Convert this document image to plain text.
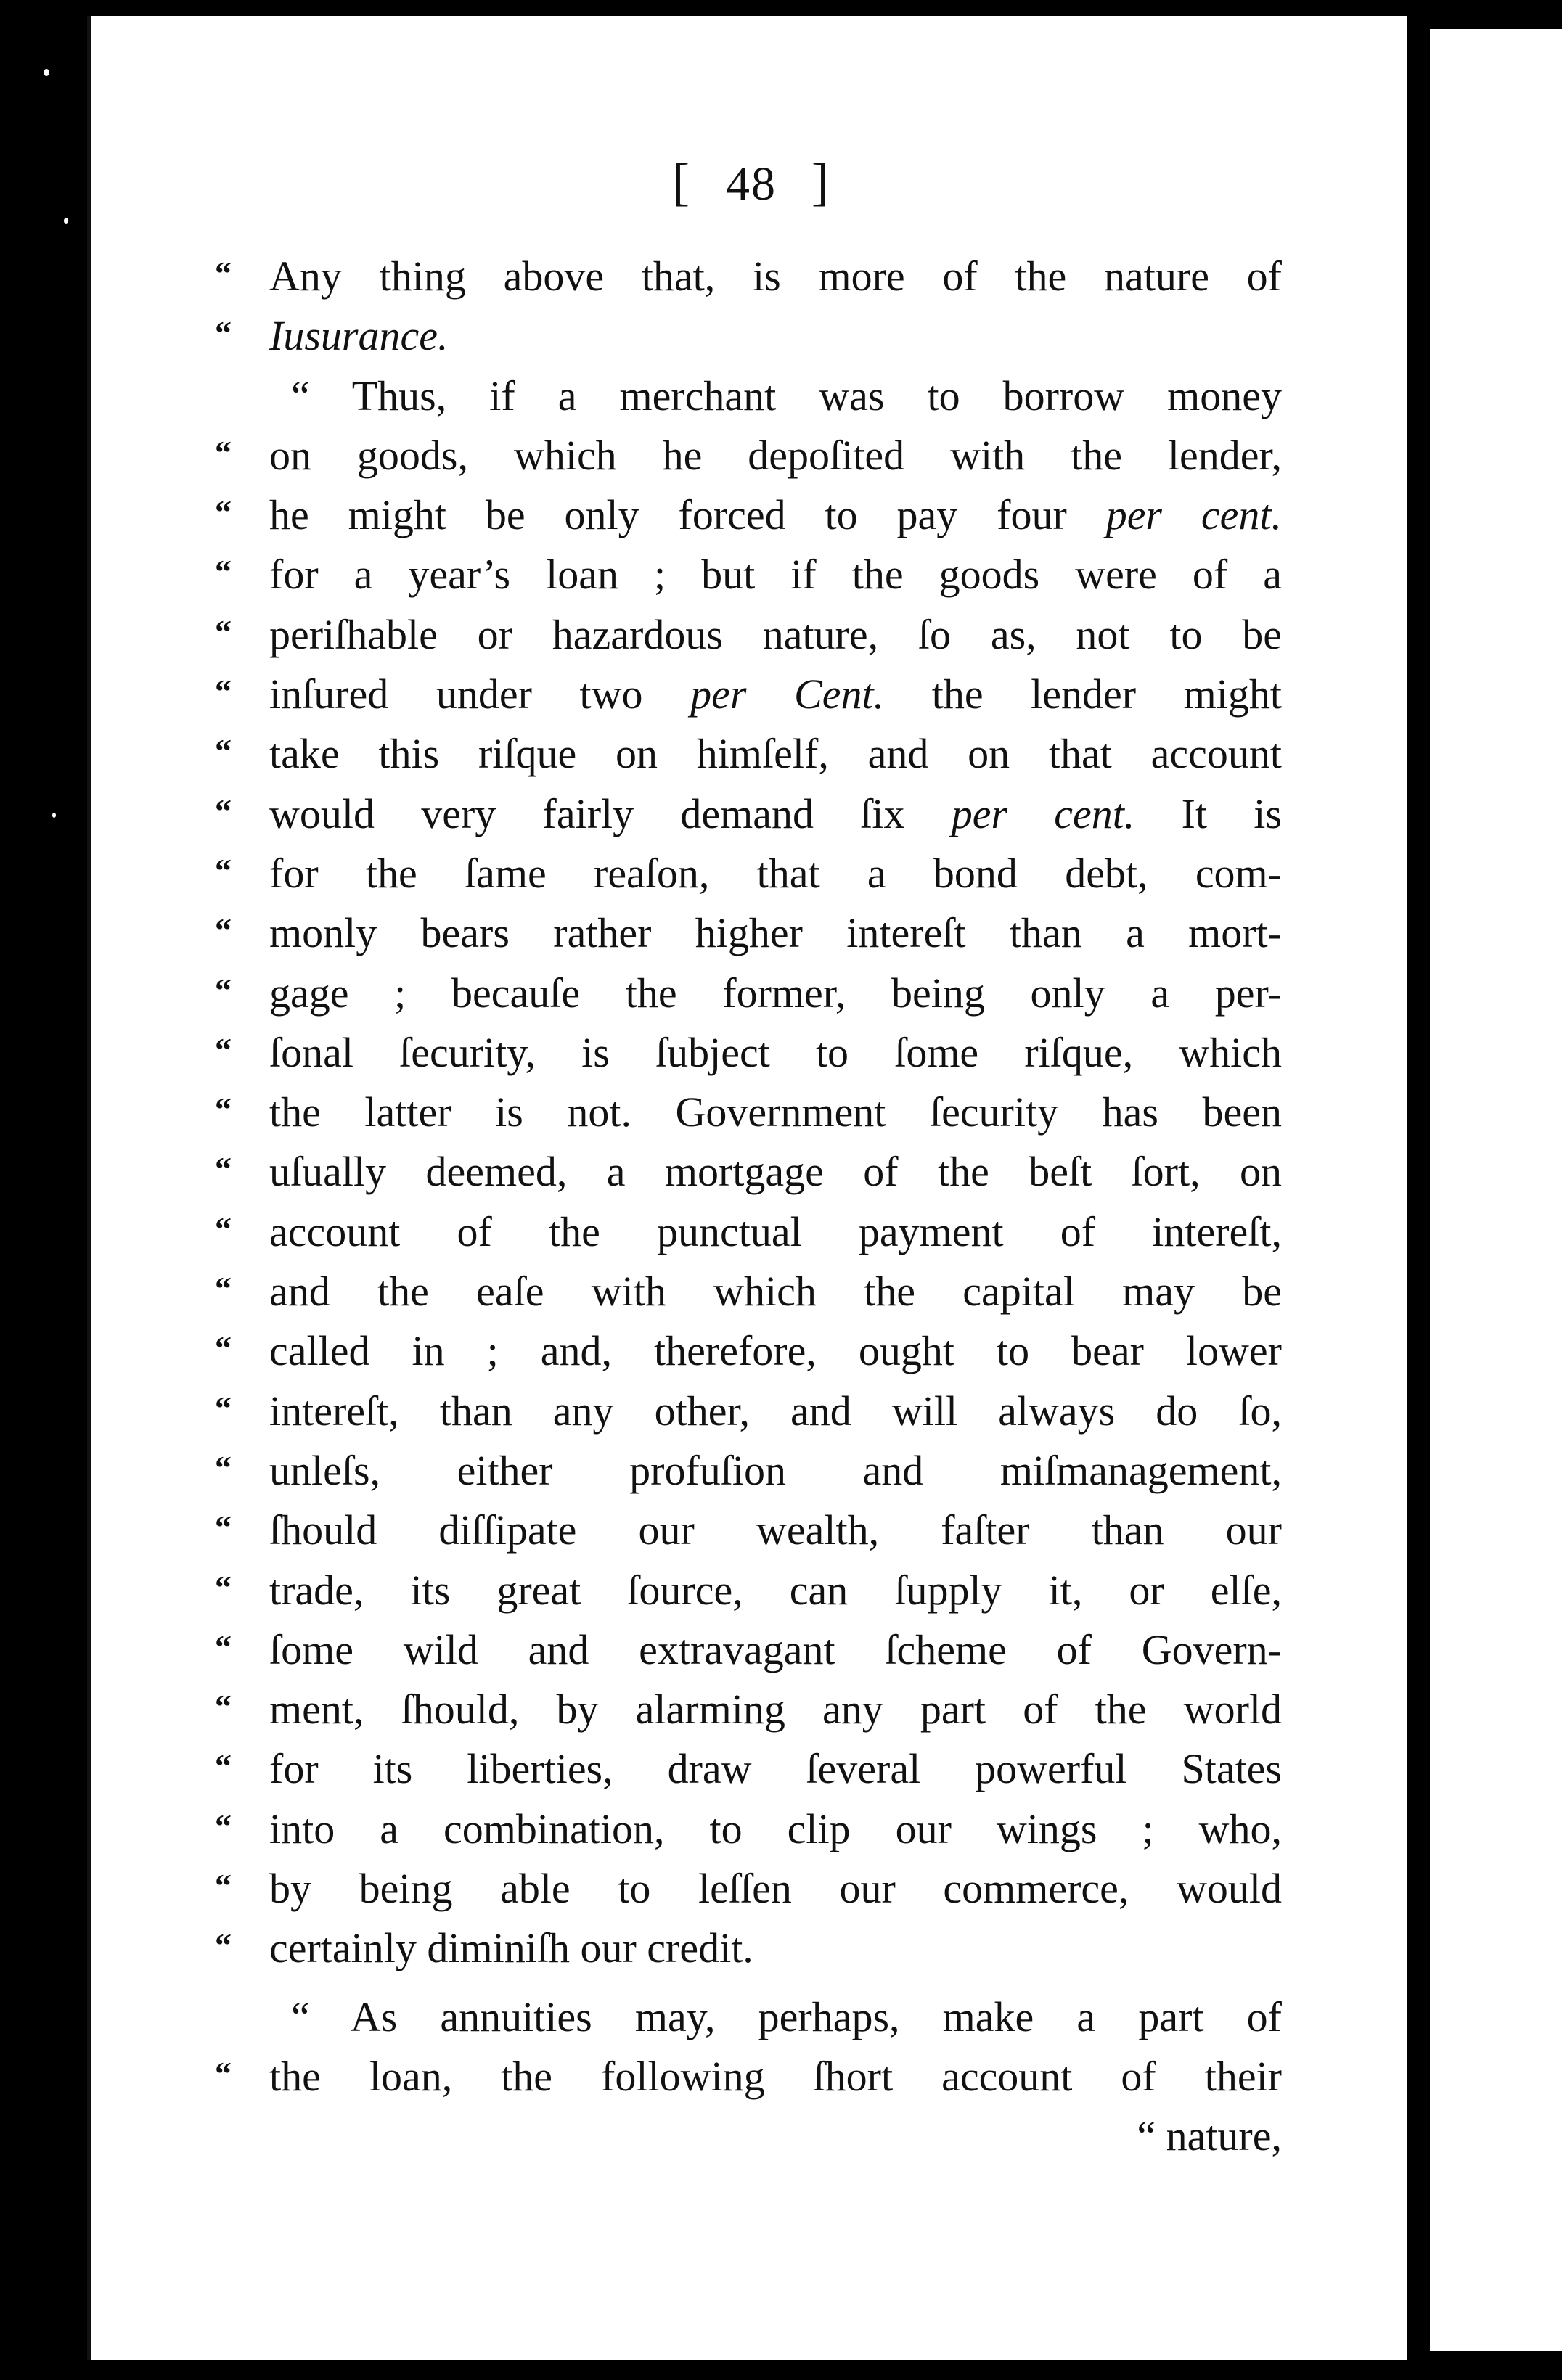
[ 48 ]
“ Any thing above that, is more of the nature of
“ Iusurance.
“ Thus, if a merchant was to borrow money
“ on goods, which he depoſited with the lender,
“ he might be only forced to pay four per cent.
“ for a year’s loan ; but if the goods were of a
“ periſhable or hazardous nature, ſo as, not to be
“ inſured under two per Cent. the lender might
“ take this riſque on himſelf, and on that account
“ would very fairly demand ſix per cent. It is
“ for the ſame reaſon, that a bond debt, com-
“ monly bears rather higher intereſt than a mort-
“ gage ; becauſe the former, being only a per-
“ ſonal ſecurity, is ſubject to ſome riſque, which
“ the latter is not. Government ſecurity has been
“ uſually deemed, a mortgage of the beſt ſort, on
“ account of the punctual payment of intereſt,
“ and the eaſe with which the capital may be
“ called in ; and, therefore, ought to bear lower
“ intereſt, than any other, and will always do ſo,
“ unleſs, either profuſion and miſmanagement,
“ ſhould diſſipate our wealth, faſter than our
“ trade, its great ſource, can ſupply it, or elſe,
“ ſome wild and extravagant ſcheme of Govern-
“ ment, ſhould, by alarming any part of the world
“ for its liberties, draw ſeveral powerful States
“ into a combination, to clip our wings ; who,
“ by being able to leſſen our commerce, would
“ certainly diminiſh our credit.
“ As annuities may, perhaps, make a part of
“ the loan, the following ſhort account of their
“ nature,
